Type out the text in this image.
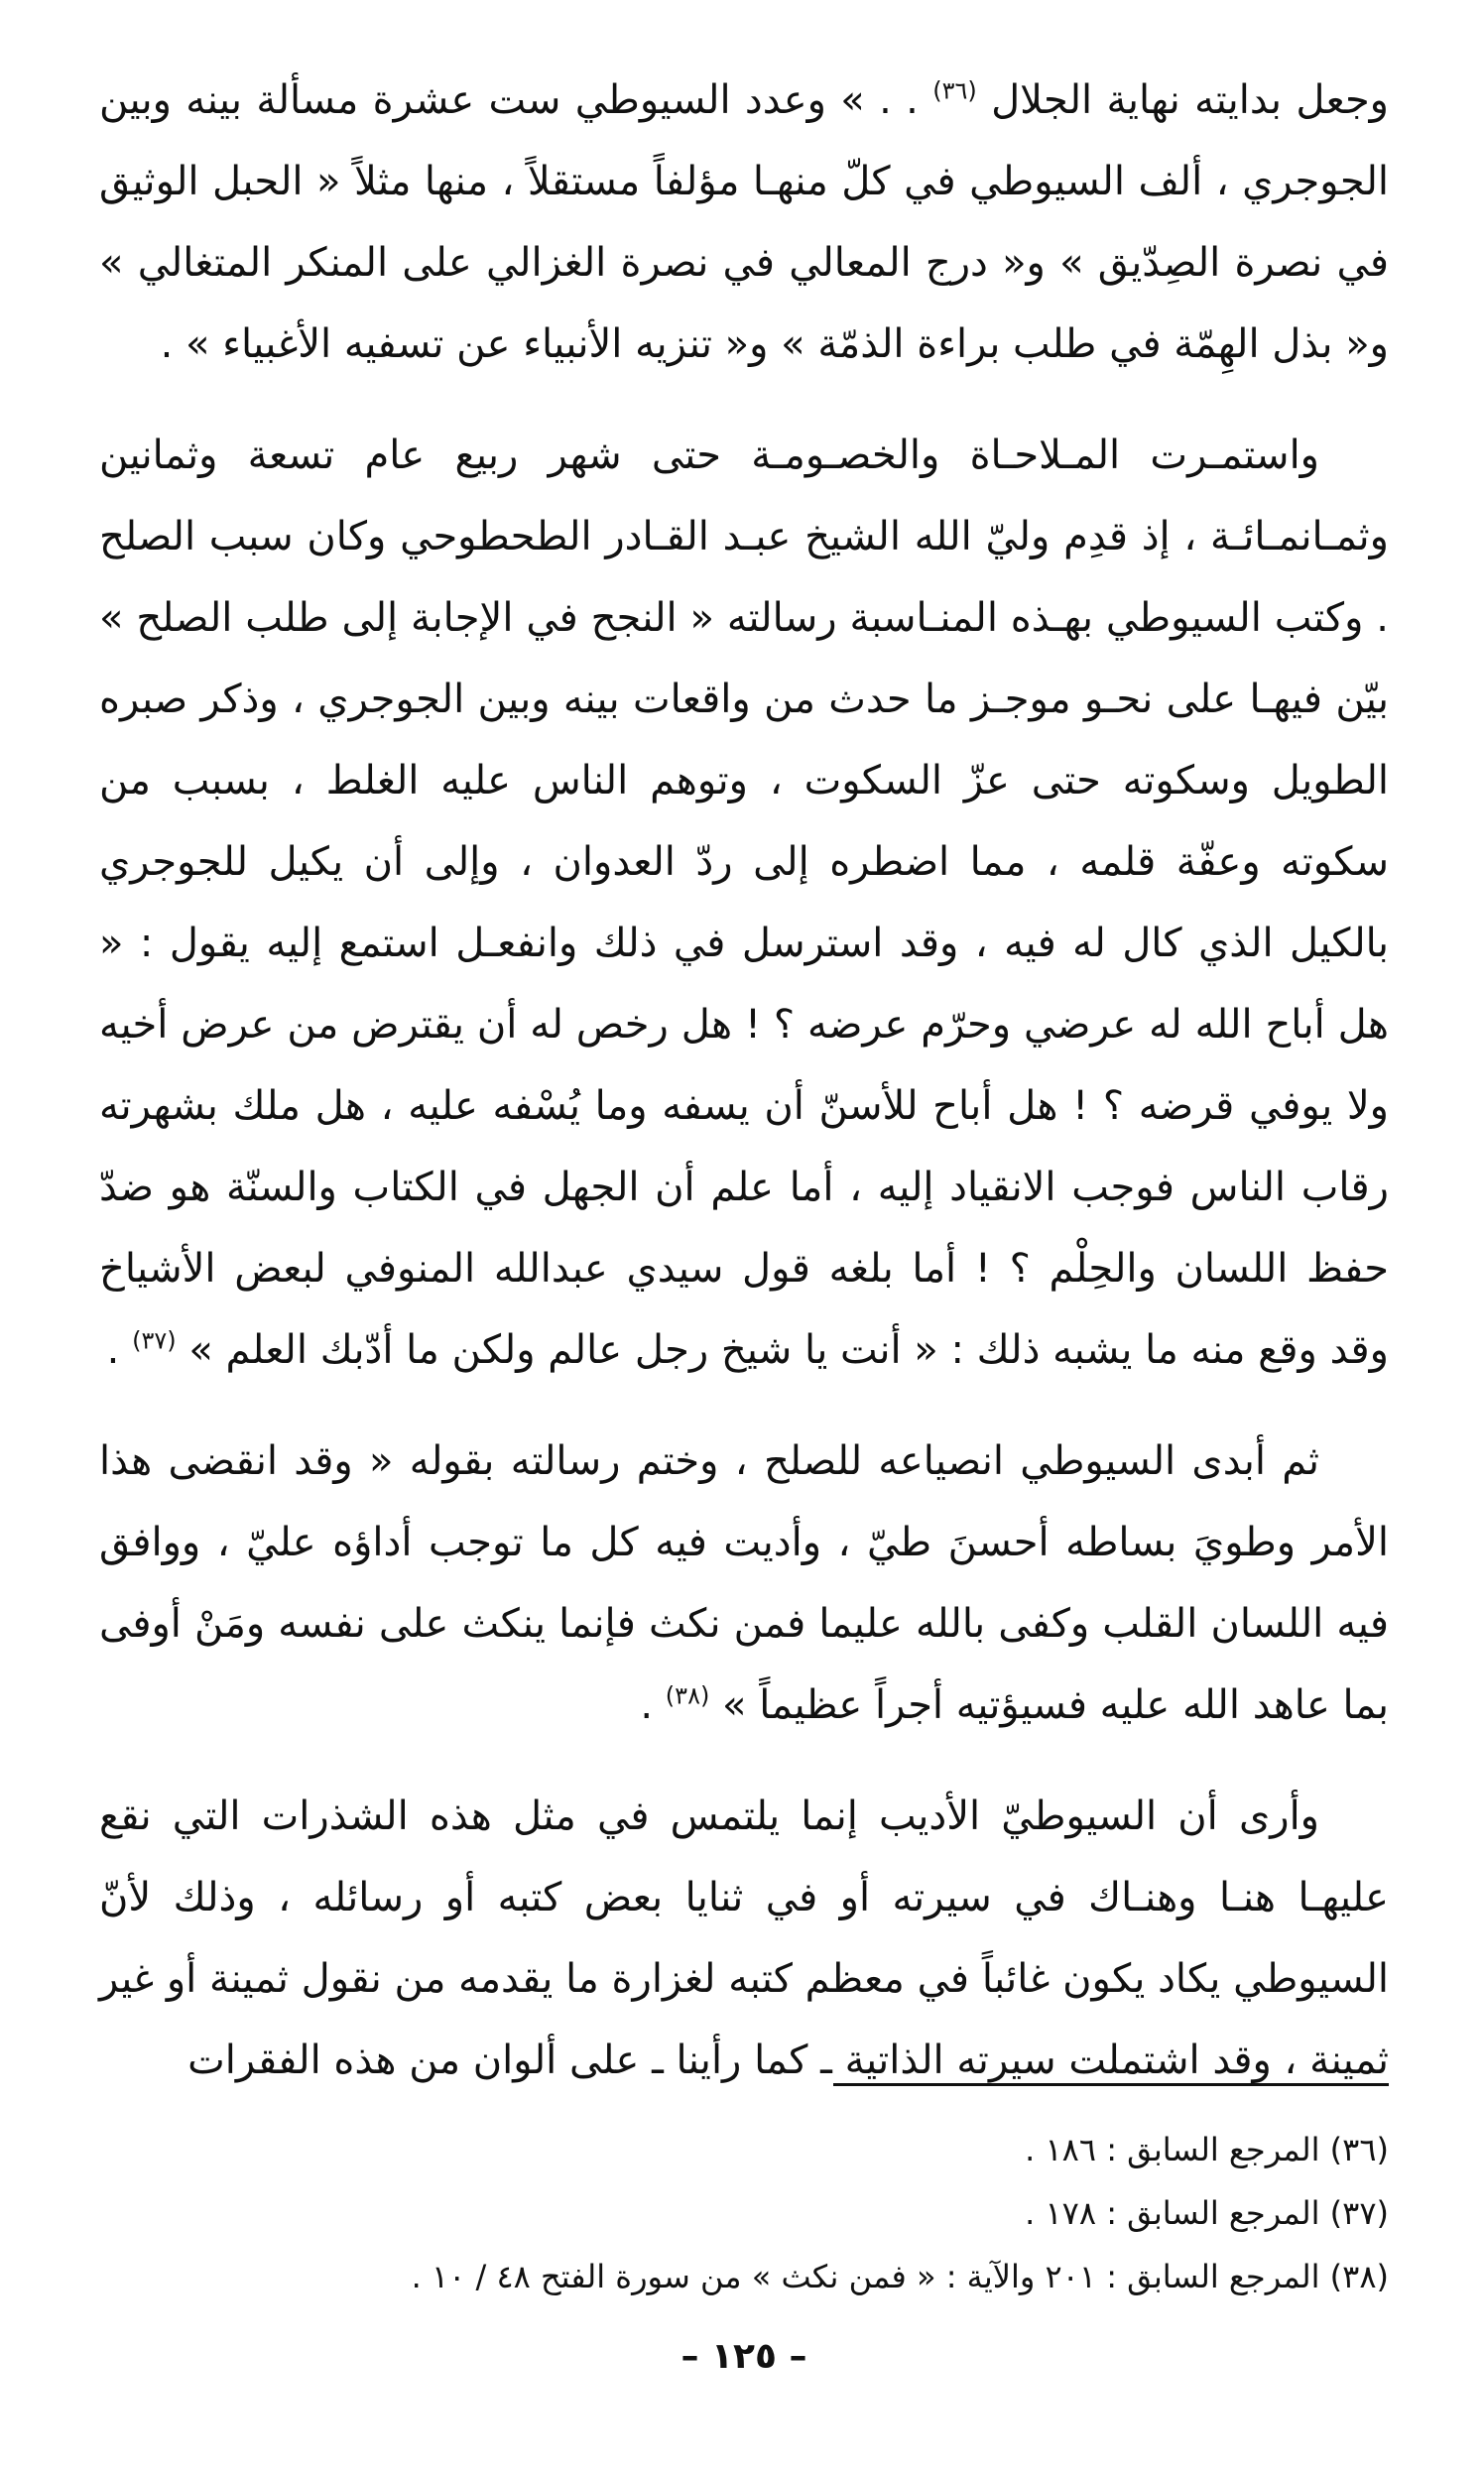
وجعل بدايته نهاية الجلال $^{(٣٦)}$ . . » وعدد السيوطي ست عشرة مسألة بينه وبين الجوجري ، ألف السيوطي في كلّ منهـا مؤلفاً مستقلاً ، منها مثلاً « الحبل الوثيق في نصرة الصِدّيق » و« درج المعالي في نصرة الغزالي على المنكر المتغالي » و« بذل الهِمّة في طلب براءة الذمّة » و« تنزيه الأنبياء عن تسفيه الأغبياء » .

واستمـرت المـلاحـاة والخصـومـة حتى شهر ربيع عام تسعة وثمانين وثمـانمـائـة ، إذ قدِم وليّ الله الشيخ عبـد القـادر الطحطوحي وكان سبب الصلح . وكتب السيوطي بهـذه المنـاسبة رسالته « النجح في الإجابة إلى طلب الصلح » بيّن فيهـا على نحـو موجـز ما حدث من واقعات بينه وبين الجوجري ، وذكر صبره الطويل وسكوته حتى عزّ السكوت ، وتوهم الناس عليه الغلط ، بسبب من سكوته وعفّة قلمه ، مما اضطره إلى ردّ العدوان ، وإلى أن يكيل للجوجري بالكيل الذي كال له فيه ، وقد استرسل في ذلك وانفعـل استمع إليه يقول : « هل أباح الله له عرضي وحرّم عرضه ؟ ! هل رخص له أن يقترض من عرض أخيه ولا يوفي قرضه ؟ ! هل أباح للأسنّ أن يسفه وما يُسْفه عليه ، هل ملك بشهرته رقاب الناس فوجب الانقياد إليه ، أما علم أن الجهل في الكتاب والسنّة هو ضدّ حفظ اللسان والحِلْم ؟ ! أما بلغه قول سيدي عبدالله المنوفي لبعض الأشياخ وقد وقع منه ما يشبه ذلك : « أنت يا شيخ رجل عالم ولكن ما أدّبك العلم » $^{(٣٧)}$ .

ثم أبدى السيوطي انصياعه للصلح ، وختم رسالته بقوله « وقد انقضى هذا الأمر وطويَ بساطه أحسنَ طيّ ، وأديت فيه كل ما توجب أداؤه عليّ ، ووافق فيه اللسان القلب وكفى بالله عليما فمن نكث فإنما ينكث على نفسه ومَنْ أوفى بما عاهد الله عليه فسيؤتيه أجراً عظيماً » $^{(٣٨)}$ .

وأرى أن السيوطيّ الأديب إنما يلتمس في مثل هذه الشذرات التي نقع عليهـا هنـا وهنـاك في سيرته أو في ثنايا بعض كتبه أو رسائله ، وذلك لأنّ السيوطي يكاد يكون غائباً في معظم كتبه لغزارة ما يقدمه من نقول ثمينة أو غير ثمينة ، وقد اشتملت سيرته الذاتية ـ كما رأينا ـ على ألوان من هذه الفقرات

(٣٦) المرجع السابق : ١٨٦ .

(٣٧) المرجع السابق : ١٧٨ .

(٣٨) المرجع السابق : ٢٠١ والآية : « فمن نكث » من سورة الفتح ٤٨ / ١٠ .

– ١٢٥ –
